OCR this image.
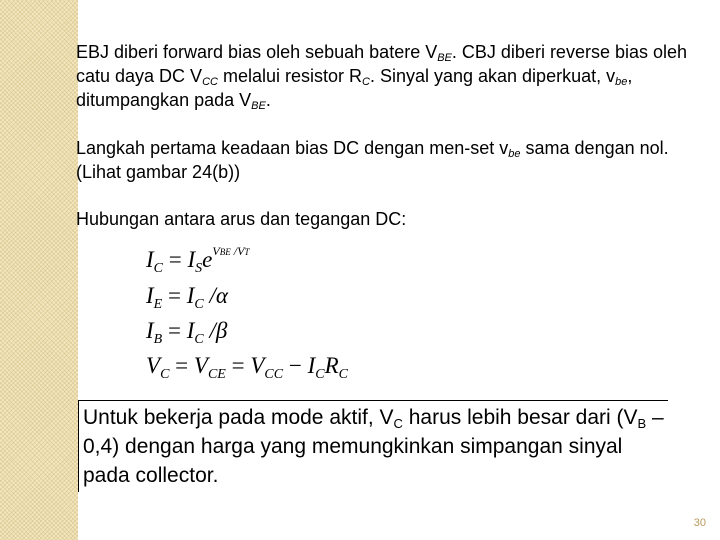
EBJ diberi forward bias oleh sebuah batere $V_{BE}$. CBJ diberi reverse bias oleh catu daya DC $V_{CC}$ melalui resistor $R_C$. Sinyal yang akan diperkuat, $v_{be}$, ditumpangkan pada $V_{BE}$.
Langkah pertama keadaan bias DC dengan men-set $v_{be}$ sama dengan nol. (Lihat gambar 24(b))
Hubungan antara arus dan tegangan DC:
$I_C = I_Se^{VBE /VT}$
$I_E = I_C$ /α
$I_B = I_C$ /β
$V_C = V_{CE} = V_{CC} - I_CR_C$
Untuk bekerja pada mode aktif, $V_C$ harus lebih besar dari $(V_B - 0,4)$ dengan harga yang memungkinkan simpangan sinyal pada collector.
30
